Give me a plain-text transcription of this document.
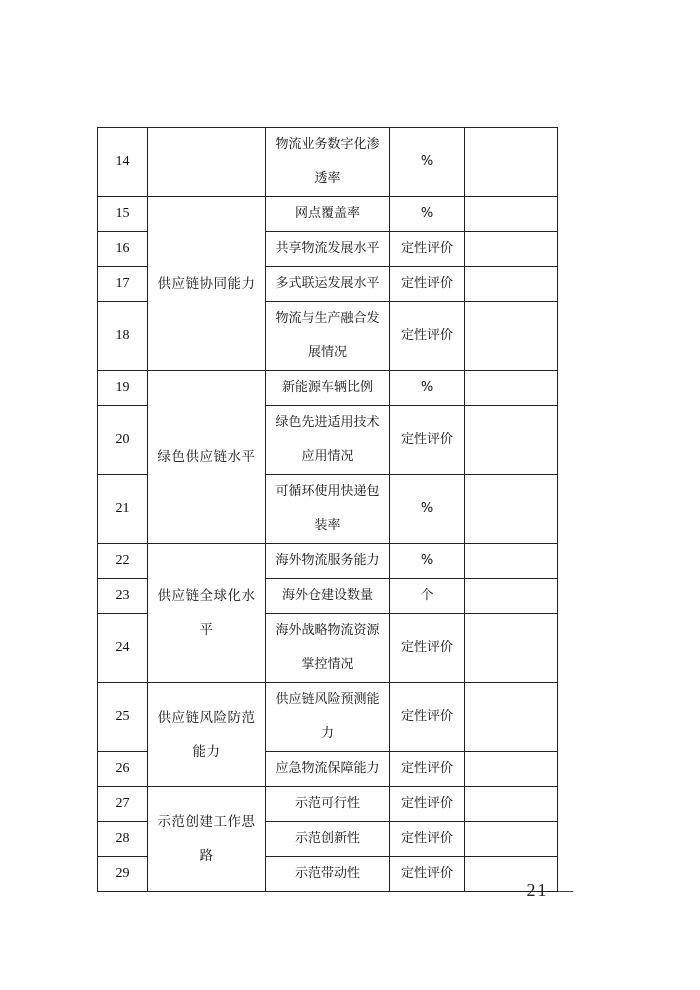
14		物流业务数字化渗透率	%	
15	供应链协同能力	网点覆盖率	%	
16		共享物流发展水平	定性评价	
17		多式联运发展水平	定性评价	
18		物流与生产融合发展情况	定性评价	
19	绿色供应链水平	新能源车辆比例	%	
20		绿色先进适用技术应用情况	定性评价	
21		可循环使用快递包装率	%	
22	供应链全球化水平	海外物流服务能力	%	
23		海外仓建设数量	个	
24		海外战略物流资源掌控情况	定性评价	
25	供应链风险防范能力	供应链风险预测能力	定性评价	
26		应急物流保障能力	定性评价	
27	示范创建工作思路	示范可行性	定性评价	
28		示范创新性	定性评价	
29		示范带动性	定性评价	
— 21 —
